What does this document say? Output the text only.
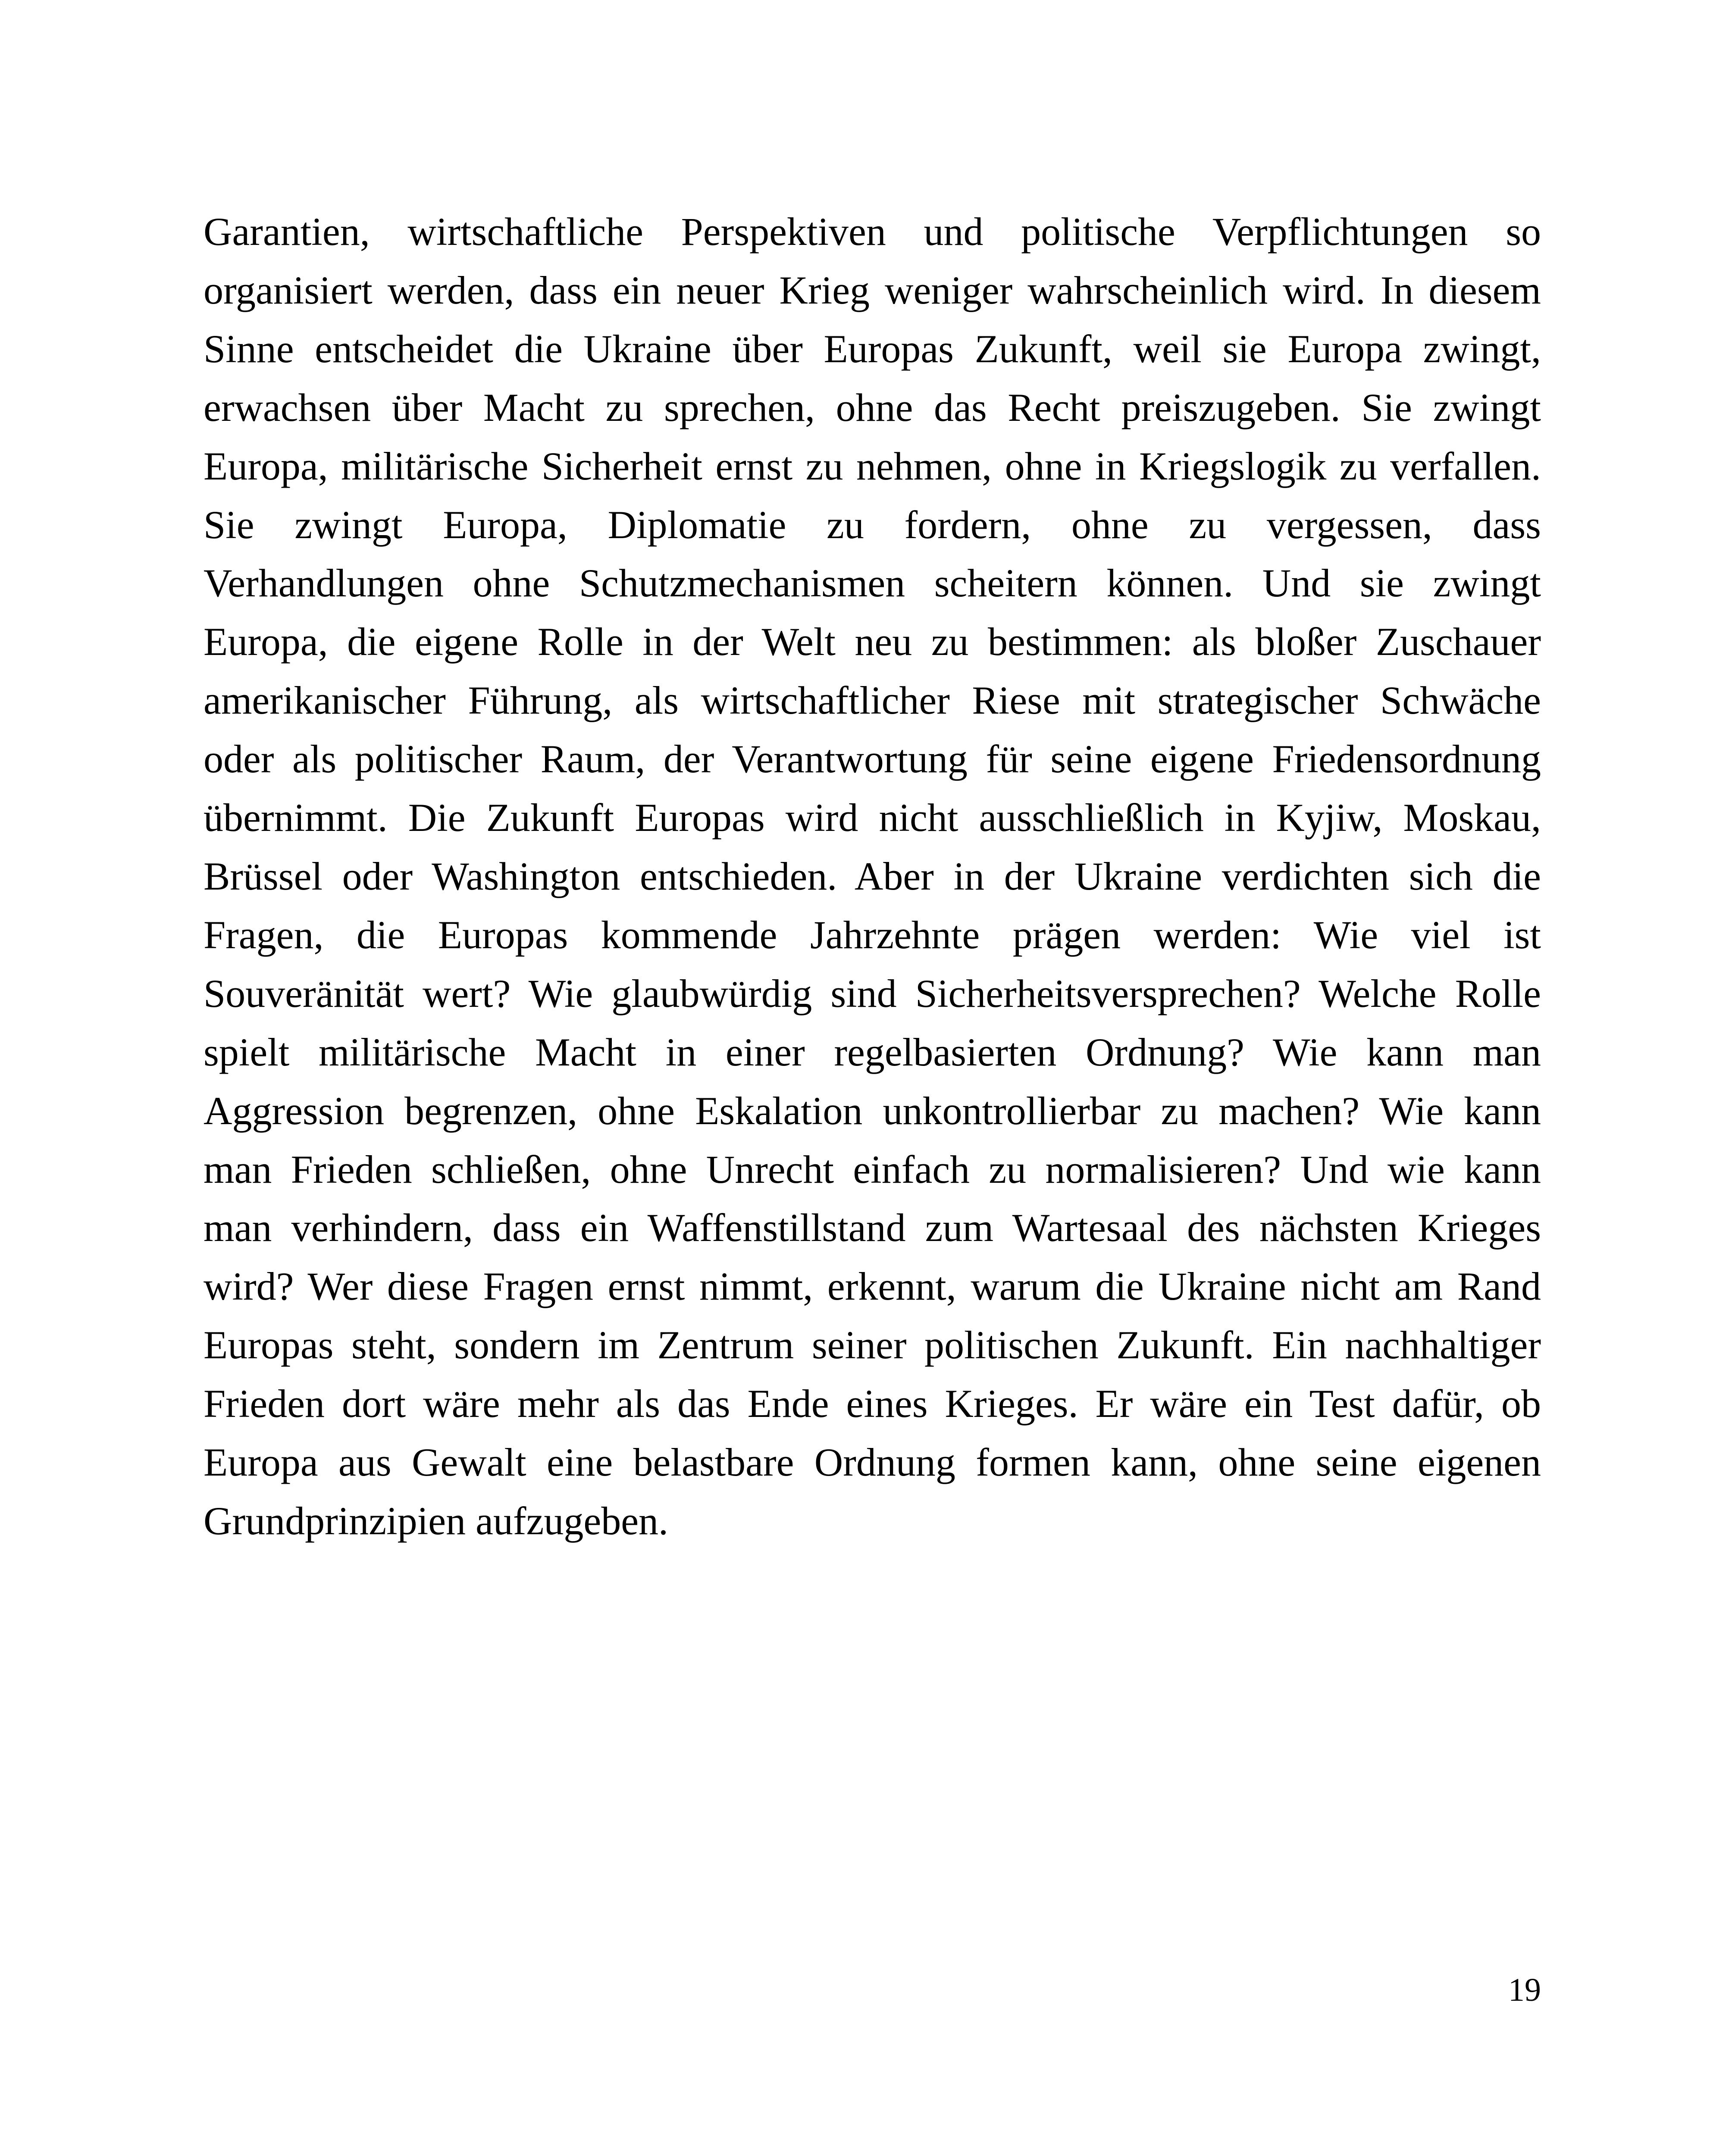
Garantien, wirtschaftliche Perspektiven und politische Verpflichtungen so
organisiert werden, dass ein neuer Krieg weniger wahrscheinlich wird. In diesem
Sinne entscheidet die Ukraine über Europas Zukunft, weil sie Europa zwingt,
erwachsen über Macht zu sprechen, ohne das Recht preiszugeben. Sie zwingt
Europa, militärische Sicherheit ernst zu nehmen, ohne in Kriegslogik zu verfallen.
Sie zwingt Europa, Diplomatie zu fordern, ohne zu vergessen, dass
Verhandlungen ohne Schutzmechanismen scheitern können. Und sie zwingt
Europa, die eigene Rolle in der Welt neu zu bestimmen: als bloßer Zuschauer
amerikanischer Führung, als wirtschaftlicher Riese mit strategischer Schwäche
oder als politischer Raum, der Verantwortung für seine eigene Friedensordnung
übernimmt. Die Zukunft Europas wird nicht ausschließlich in Kyjiw, Moskau,
Brüssel oder Washington entschieden. Aber in der Ukraine verdichten sich die
Fragen, die Europas kommende Jahrzehnte prägen werden: Wie viel ist
Souveränität wert? Wie glaubwürdig sind Sicherheitsversprechen? Welche Rolle
spielt militärische Macht in einer regelbasierten Ordnung? Wie kann man
Aggression begrenzen, ohne Eskalation unkontrollierbar zu machen? Wie kann
man Frieden schließen, ohne Unrecht einfach zu normalisieren? Und wie kann
man verhindern, dass ein Waffenstillstand zum Wartesaal des nächsten Krieges
wird? Wer diese Fragen ernst nimmt, erkennt, warum die Ukraine nicht am Rand
Europas steht, sondern im Zentrum seiner politischen Zukunft. Ein nachhaltiger
Frieden dort wäre mehr als das Ende eines Krieges. Er wäre ein Test dafür, ob
Europa aus Gewalt eine belastbare Ordnung formen kann, ohne seine eigenen
Grundprinzipien aufzugeben.
19
